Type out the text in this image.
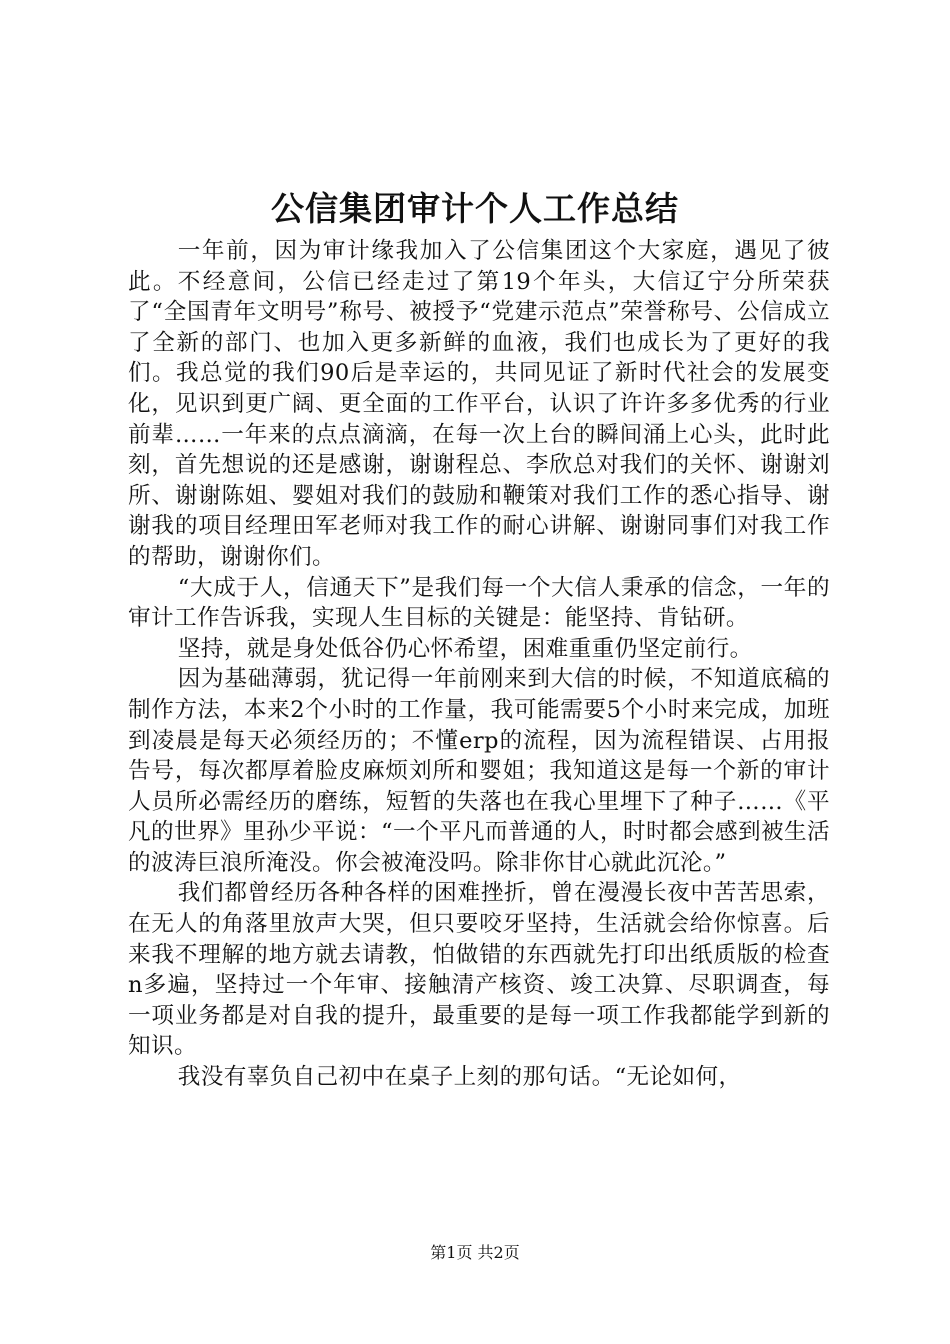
公信集团审计个人工作总结

一年前，因为审计缘我加入了公信集团这个大家庭，遇见了彼此。不经意间，公信已经走过了第19个年头，大信辽宁分所荣获了“全国青年文明号”称号、被授予“党建示范点”荣誉称号、公信成立了全新的部门、也加入更多新鲜的血液，我们也成长为了更好的我们。我总觉的我们90后是幸运的，共同见证了新时代社会的发展变化，见识到更广阔、更全面的工作平台，认识了许许多多优秀的行业前辈……一年来的点点滴滴，在每一次上台的瞬间涌上心头，此时此刻，首先想说的还是感谢，谢谢程总、李欣总对我们的关怀、谢谢刘所、谢谢陈姐、婴姐对我们的鼓励和鞭策对我们工作的悉心指导、谢谢我的项目经理田军老师对我工作的耐心讲解、谢谢同事们对我工作的帮助，谢谢你们。

“大成于人，信通天下”是我们每一个大信人秉承的信念，一年的审计工作告诉我，实现人生目标的关键是：能坚持、肯钻研。

坚持，就是身处低谷仍心怀希望，困难重重仍坚定前行。

因为基础薄弱，犹记得一年前刚来到大信的时候，不知道底稿的制作方法，本来2个小时的工作量，我可能需要5个小时来完成，加班到凌晨是每天必须经历的；不懂erp的流程，因为流程错误、占用报告号，每次都厚着脸皮麻烦刘所和婴姐；我知道这是每一个新的审计人员所必需经历的磨练，短暂的失落也在我心里埋下了种子……《平凡的世界》里孙少平说：“一个平凡而普通的人，时时都会感到被生活的波涛巨浪所淹没。你会被淹没吗。除非你甘心就此沉沦。”

我们都曾经历各种各样的困难挫折，曾在漫漫长夜中苦苦思索，在无人的角落里放声大哭，但只要咬牙坚持，生活就会给你惊喜。后来我不理解的地方就去请教，怕做错的东西就先打印出纸质版的检查n多遍，坚持过一个年审、接触清产核资、竣工决算、尽职调查，每一项业务都是对自我的提升，最重要的是每一项工作我都能学到新的知识。

我没有辜负自己初中在桌子上刻的那句话。“无论如何，

第1页 共2页
